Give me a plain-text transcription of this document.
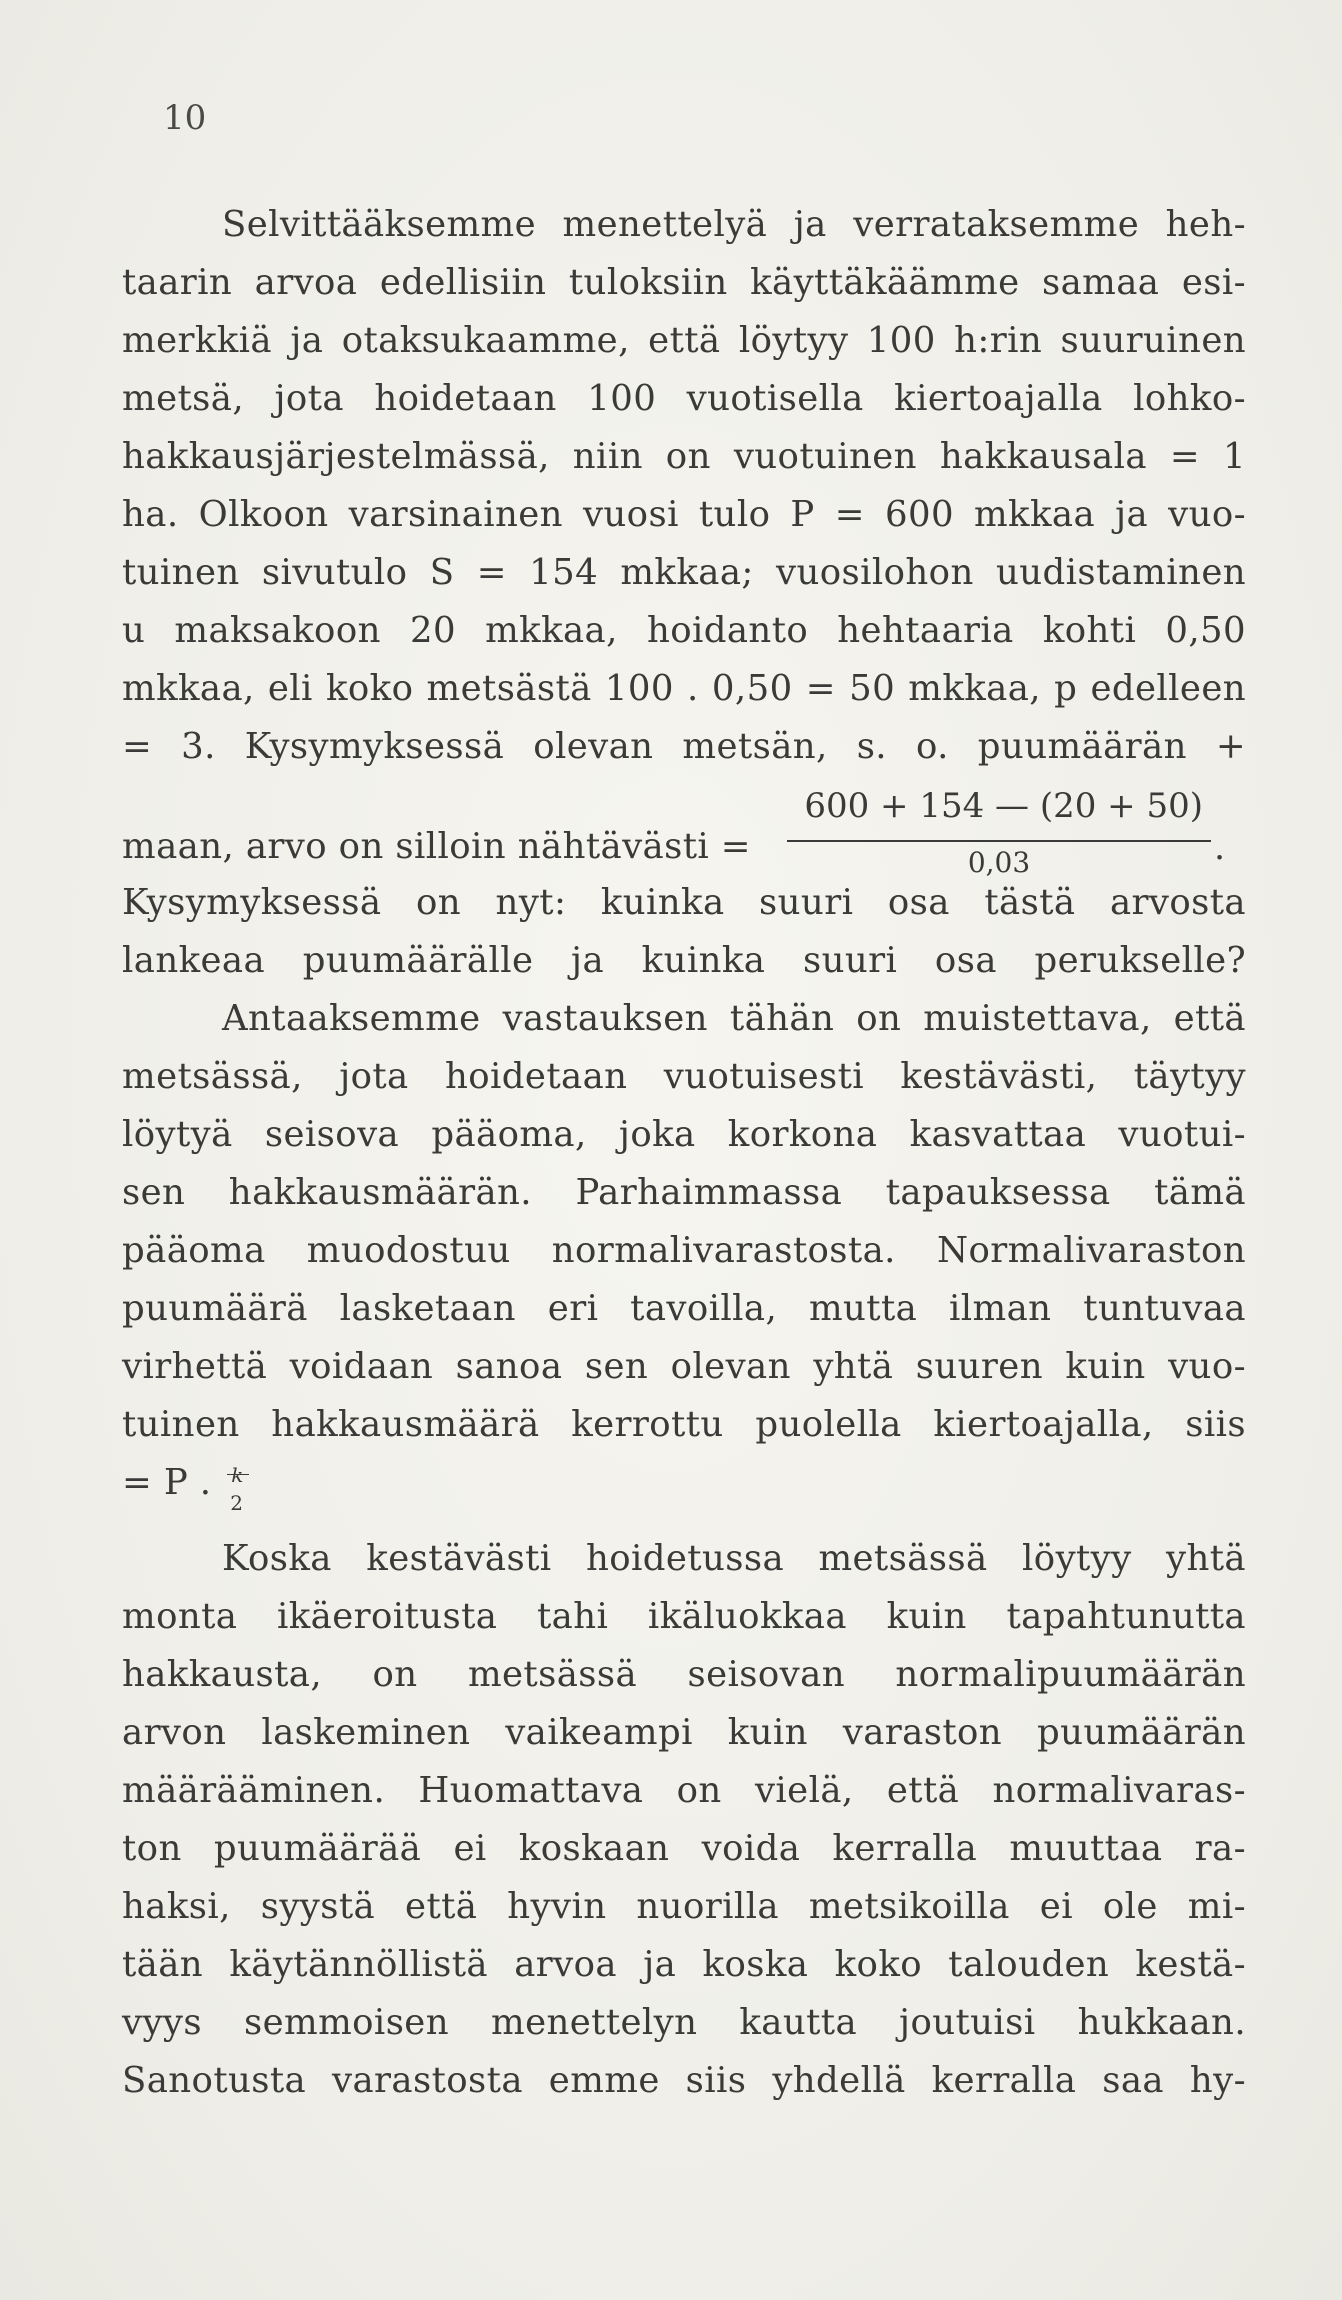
10
Selvittääksemme menettelyä ja verrataksemme heh-
taarin arvoa edellisiin tuloksiin käyttäkäämme samaa esi-
merkkiä ja otaksukaamme, että löytyy 100 h:rin suuruinen
metsä, jota hoidetaan 100 vuotisella kiertoajalla lohko-
hakkausjärjestelmässä, niin on vuotuinen hakkausala = 1
ha. Olkoon varsinainen vuosi tulo P = 600 mkkaa ja vuo-
tuinen sivutulo S = 154 mkkaa; vuosilohon uudistaminen
u maksakoon 20 mkkaa, hoidanto hehtaaria kohti 0,50
mkkaa, eli koko metsästä 100 . 0,50 = 50 mkkaa, p edelleen
= 3. Kysymyksessä olevan metsän, s. o. puumäärän +
maan, arvo on silloin nähtävästi =
600 + 154 — (20 + 50)
0,03	.
Kysymyksessä on nyt: kuinka suuri osa tästä arvosta
lankeaa puumäärälle ja kuinka suuri osa perukselle?
Antaaksemme vastauksen tähän on muistettava, että
metsässä, jota hoidetaan vuotuisesti kestävästi, täytyy
löytyä seisova pääoma, joka korkona kasvattaa vuotui-
sen hakkausmäärän. Parhaimmassa tapauksessa tämä
pääoma muodostuu normalivarastosta. Normalivaraston
puumäärä lasketaan eri tavoilla, mutta ilman tuntuvaa
virhettä voidaan sanoa sen olevan yhtä suuren kuin vuo-
tuinen hakkausmäärä kerrottu puolella kiertoajalla, siis
= P . k
2
Koska kestävästi hoidetussa metsässä löytyy yhtä
monta ikäeroitusta tahi ikäluokkaa kuin tapahtunutta
hakkausta, on metsässä seisovan normalipuumäärän
arvon laskeminen vaikeampi kuin varaston puumäärän
määrääminen. Huomattava on vielä, että normalivaras-
ton puumäärää ei koskaan voida kerralla muuttaa ra-
haksi, syystä että hyvin nuorilla metsikoilla ei ole mi-
tään käytännöllistä arvoa ja koska koko talouden kestä-
vyys semmoisen menettelyn kautta joutuisi hukkaan.
Sanotusta varastosta emme siis yhdellä kerralla saa hy-
